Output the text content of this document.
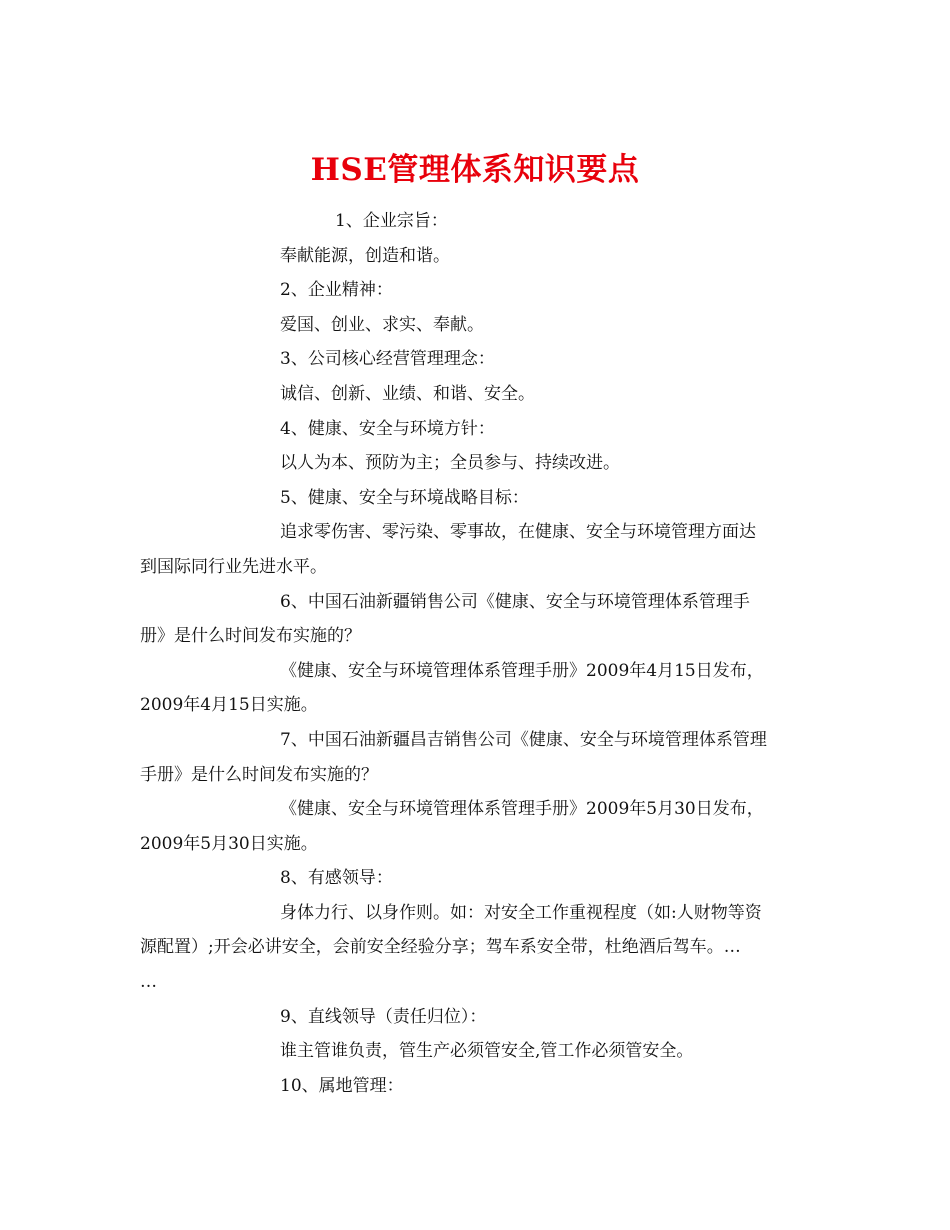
HSE管理体系知识要点

1、企业宗旨：

奉献能源，创造和谐。

2、企业精神：

爱国、创业、求实、奉献。

3、公司核心经营管理理念：

诚信、创新、业绩、和谐、安全。

4、健康、安全与环境方针：

以人为本、预防为主；全员参与、持续改进。

5、健康、安全与环境战略目标：

追求零伤害、零污染、零事故，在健康、安全与环境管理方面达

到国际同行业先进水平。

6、中国石油新疆销售公司《健康、安全与环境管理体系管理手

册》是什么时间发布实施的？

《健康、安全与环境管理体系管理手册》2009年4月15日发布，

2009年4月15日实施。

7、中国石油新疆昌吉销售公司《健康、安全与环境管理体系管理

手册》是什么时间发布实施的？

《健康、安全与环境管理体系管理手册》2009年5月30日发布，

2009年5月30日实施。

8、有感领导：

身体力行、以身作则。如：对安全工作重视程度（如:人财物等资

源配置）;开会必讲安全，会前安全经验分享；驾车系安全带，杜绝酒后驾车。…

…

9、直线领导（责任归位）：

谁主管谁负责，管生产必须管安全,管工作必须管安全。

10、属地管理：
